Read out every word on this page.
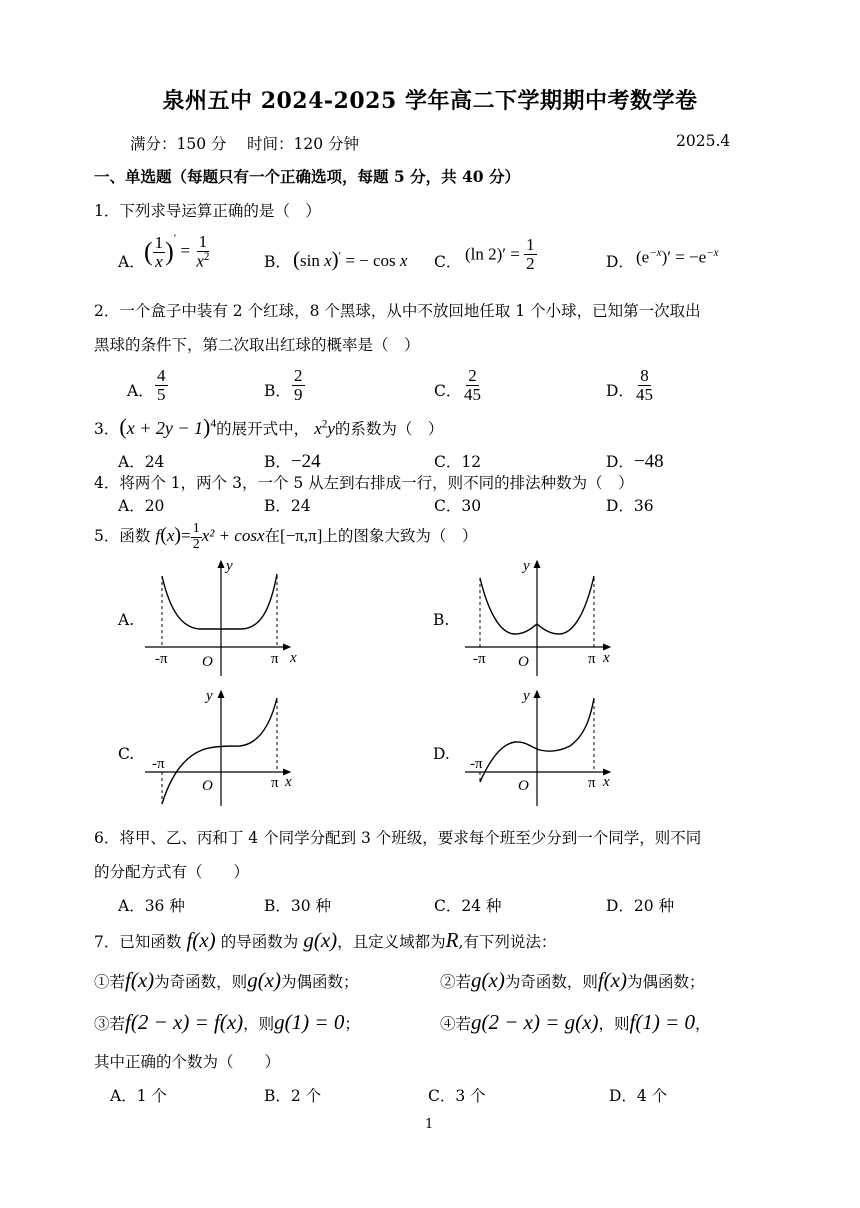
泉州五中 2024-2025 学年高二下学期期中考数学卷
满分：150 分 时间：120 分钟	2025.4
一、单选题（每题只有一个正确选项，每题 5 分，共 40 分）
1．下列求导运算正确的是（　）
A． ( $\frac{1}{x} )' = \frac{1}{x^2}$	B． (sin x)′ = − cos x C． (ln $2)' = \frac{1}{2}$	D． $(e^{-x})' = -e^{-x}$
2．一个盒子中装有 2 个红球，8 个黑球，从中不放回地任取 1 个小球，已知第一次取出
黑球的条件下，第二次取出红球的概率是（　）
A． $\frac{4}{5}$	B． $\frac{2}{9}$	C． $\frac{2}{45}$	D． $\frac{8}{45}$
3．$(x + 2y - 1)^4$的展开式中， $x^2y$的系数为（　）
A．24	B．−24	C．12	D．−48
4．将两个 1，两个 3，一个 5 从左到右排成一行，则不同的排法种数为（　）
A．20	B．24	C．30	D．36
5．函数 $f(x)= \frac{1}{2} x^2 + \cos x$在[−π,π]上的图象大致为（　）
A.	B.
C.	D.
y
x
O
-π	π
y
x
O
-π	π
y
x
O
-π
π
y
x
O
-π
π
6．将甲、乙、丙和丁 4 个同学分配到 3 个班级，要求每个班至少分到一个同学，则不同
的分配方式有（　　）
A．36 种	B．30 种	C．24 种	D．20 种
7．已知函数 f(x) 的导函数为 g(x)，且定义域都为R,有下列说法：
①若f(x)为奇函数，则g(x)为偶函数；	②若g(x)为奇函数，则f(x)为偶函数；
③若f(2 − x) = f(x)，则g(1) = 0；	④若g(2 − x) = g(x)，则f(1) = 0，
其中正确的个数为（　　）
A．1 个	B．2 个	C．3 个	D．4 个
1
